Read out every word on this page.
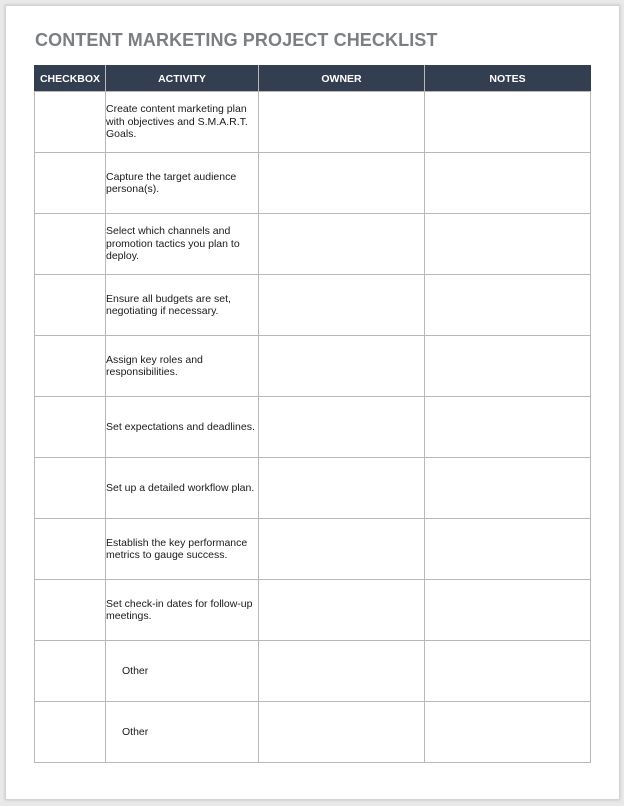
CONTENT MARKETING PROJECT CHECKLIST
CHECKBOX	ACTIVITY	OWNER	NOTES
	Create content marketing plan with objectives and S.M.A.R.T. Goals.		
	Capture the target audience persona(s).		
	Select which channels and promotion tactics you plan to deploy.		
	Ensure all budgets are set, negotiating if necessary.		
	Assign key roles and responsibilities.		
	Set expectations and deadlines.		
	Set up a detailed workflow plan.		
	Establish the key performance metrics to gauge success.		
	Set check-in dates for follow-up meetings.		
	Other		
	Other		
